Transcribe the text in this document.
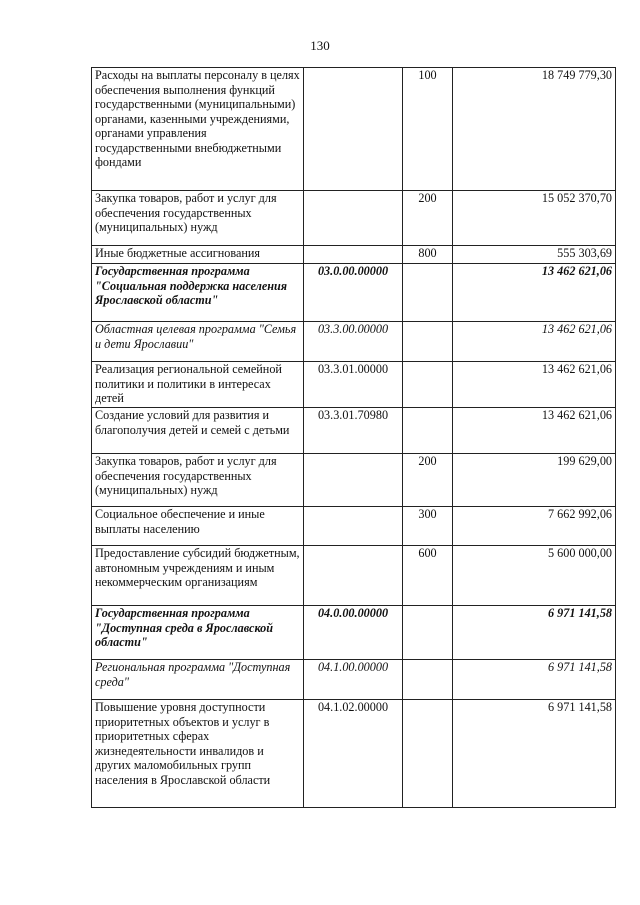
130
Расходы на выплаты персоналу в целях обеспечения выполнения функций государственными (муниципальными) органами, казенными учреждениями, органами управления государственными внебюджетными фондами		100	18 749 779,30
Закупка товаров, работ и услуг для обеспечения государственных (муниципальных) нужд		200	15 052 370,70
Иные бюджетные ассигнования		800	555 303,69
Государственная программа "Социальная поддержка населения Ярославской области"	03.0.00.00000		13 462 621,06
Областная целевая программа "Семья и дети Ярославии"	03.3.00.00000		13 462 621,06
Реализация региональной семейной политики и политики в интересах детей	03.3.01.00000		13 462 621,06
Создание условий для развития и благополучия детей и семей с детьми	03.3.01.70980		13 462 621,06
Закупка товаров, работ и услуг для обеспечения государственных (муниципальных) нужд		200	199 629,00
Социальное обеспечение и иные выплаты населению		300	7 662 992,06
Предоставление субсидий бюджетным, автономным учреждениям и иным некоммерческим организациям		600	5 600 000,00
Государственная программа "Доступная среда в Ярославской области"	04.0.00.00000		6 971 141,58
Региональная программа "Доступная среда"	04.1.00.00000		6 971 141,58
Повышение уровня доступности приоритетных объектов и услуг в приоритетных сферах жизнедеятельности инвалидов и других маломобильных групп населения в Ярославской области	04.1.02.00000		6 971 141,58
